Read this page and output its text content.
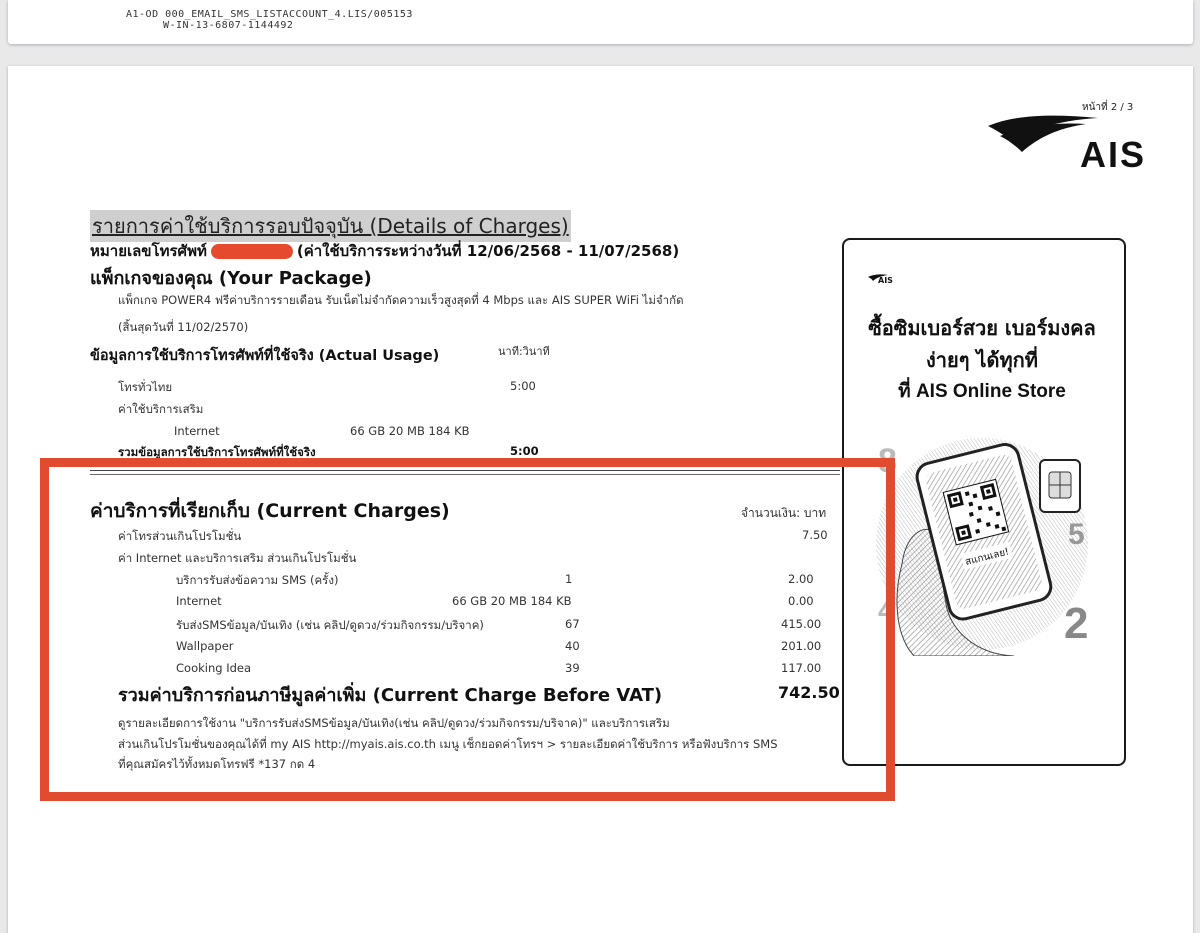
A1-OD 000_EMAIL_SMS_LISTACCOUNT_4.LIS/005153
W-IN-13-6807-1144492
หน้าที่ 2 / 3
AIS
รายการค่าใช้บริการรอบปัจจุบัน (Details of Charges)
หมายเลขโทรศัพท์	(ค่าใช้บริการระหว่างวันที่ 12/06/2568 - 11/07/2568)
แพ็กเกจของคุณ (Your Package)
แพ็กเกจ POWER4 ฟรีค่าบริการรายเดือน รับเน็ตไม่จำกัดความเร็วสูงสุดที่ 4 Mbps และ AIS SUPER WiFi ไม่จำกัด
(สิ้นสุดวันที่ 11/02/2570)
ข้อมูลการใช้บริการโทรศัพท์ที่ใช้จริง (Actual Usage)	นาที:วินาที
โทรทั่วไทย	5:00
ค่าใช้บริการเสริม
Internet	66 GB 20 MB 184 KB
รวมข้อมูลการใช้บริการโทรศัพท์ที่ใช้จริง	5:00
ค่าบริการที่เรียกเก็บ (Current Charges)	จำนวนเงิน: บาท
ค่าโทรส่วนเกินโปรโมชั่น	7.50
ค่า Internet และบริการเสริม ส่วนเกินโปรโมชั่น
บริการรับส่งข้อความ SMS (ครั้ง)	1	2.00
Internet	66 GB 20 MB 184 KB	0.00
รับส่งSMSข้อมูล/บันเทิง (เช่น คลิป/ดูดวง/ร่วมกิจกรรม/บริจาค)	67	415.00
Wallpaper	40	201.00
Cooking Idea	39	117.00
รวมค่าบริการก่อนภาษีมูลค่าเพิ่ม (Current Charge Before VAT)	742.50
ดูรายละเอียดการใช้งาน "บริการรับส่งSMSข้อมูล/บันเทิง(เช่น คลิป/ดูดวง/ร่วมกิจกรรม/บริจาค)" และบริการเสริม
ส่วนเกินโปรโมชั่นของคุณได้ที่ my AIS http://myais.ais.co.th เมนู เช็กยอดค่าโทรฯ > รายละเอียดค่าใช้บริการ หรือฟังบริการ SMS
ที่คุณสมัครไว้ทั้งหมดโทรฟรี *137 กด 4
AIS
ซื้อซิมเบอร์สวย เบอร์มงคล
ง่ายๆ ได้ทุกที่
ที่ AIS Online Store
สแกนเลย!
8
5
2
4
